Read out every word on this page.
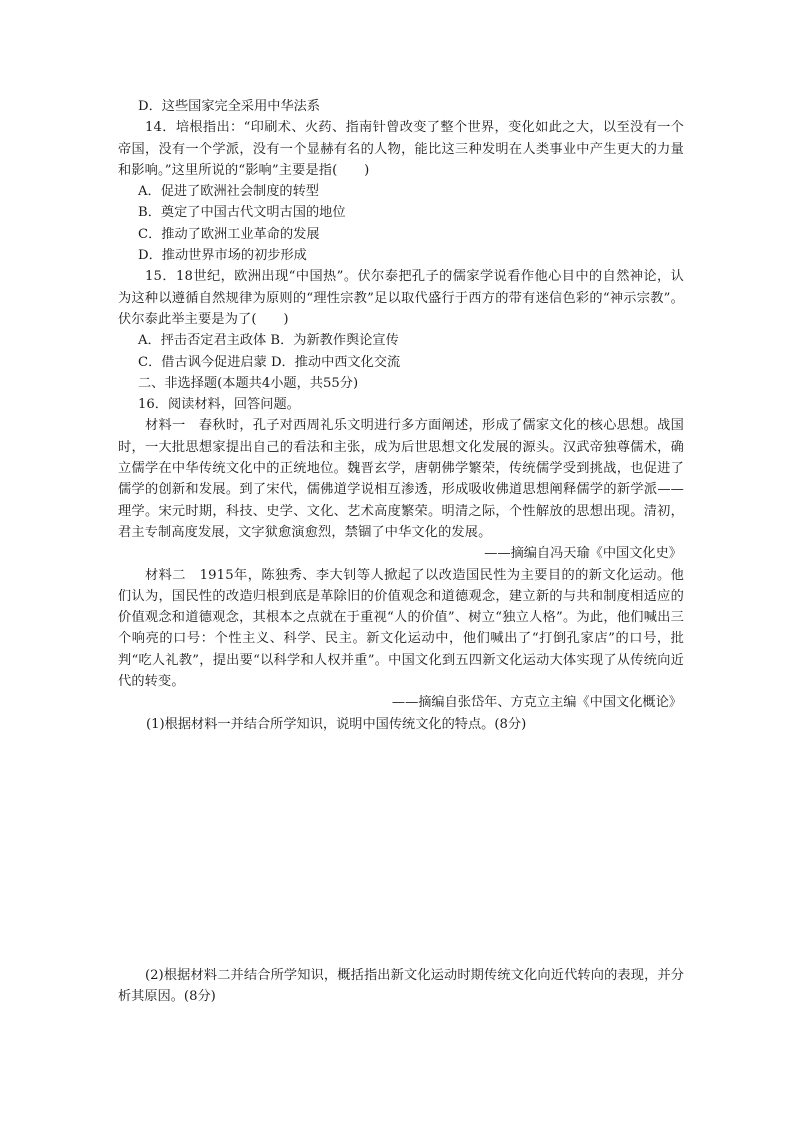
D．这些国家完全采用中华法系

14．培根指出：“印刷术、火药、指南针曾改变了整个世界，变化如此之大，以至没有一个帝国，没有一个学派，没有一个显赫有名的人物，能比这三种发明在人类事业中产生更大的力量和影响。”这里所说的“影响”主要是指(　　)

A．促进了欧洲社会制度的转型

B．奠定了中国古代文明古国的地位

C．推动了欧洲工业革命的发展

D．推动世界市场的初步形成

15．18世纪，欧洲出现“中国热”。伏尔泰把孔子的儒家学说看作他心目中的自然神论，认为这种以遵循自然规律为原则的“理性宗教”足以取代盛行于西方的带有迷信色彩的“神示宗教”。伏尔泰此举主要是为了(　　)

A．抨击否定君主政体 B．为新教作舆论宣传

C．借古讽今促进启蒙 D．推动中西文化交流

二、非选择题(本题共4小题，共55分)

16．阅读材料，回答问题。

材料一　春秋时，孔子对西周礼乐文明进行多方面阐述，形成了儒家文化的核心思想。战国时，一大批思想家提出自己的看法和主张，成为后世思想文化发展的源头。汉武帝独尊儒术，确立儒学在中华传统文化中的正统地位。魏晋玄学，唐朝佛学繁荣，传统儒学受到挑战，也促进了儒学的创新和发展。到了宋代，儒佛道学说相互渗透，形成吸收佛道思想阐释儒学的新学派——理学。宋元时期，科技、史学、文化、艺术高度繁荣。明清之际，个性解放的思想出现。清初，君主专制高度发展，文字狱愈演愈烈，禁锢了中华文化的发展。

——摘编自冯天瑜《中国文化史》

材料二　1915年，陈独秀、李大钊等人掀起了以改造国民性为主要目的的新文化运动。他们认为，国民性的改造归根到底是革除旧的价值观念和道德观念，建立新的与共和制度相适应的价值观念和道德观念，其根本之点就在于重视“人的价值”、树立“独立人格”。为此，他们喊出三个响亮的口号：个性主义、科学、民主。新文化运动中，他们喊出了“打倒孔家店”的口号，批判“吃人礼教”，提出要“以科学和人权并重”。中国文化到五四新文化运动大体实现了从传统向近代的转变。

——摘编自张岱年、方克立主编《中国文化概论》

(1)根据材料一并结合所学知识，说明中国传统文化的特点。(8分)

(2)根据材料二并结合所学知识，概括指出新文化运动时期传统文化向近代转向的表现，并分析其原因。(8分)
